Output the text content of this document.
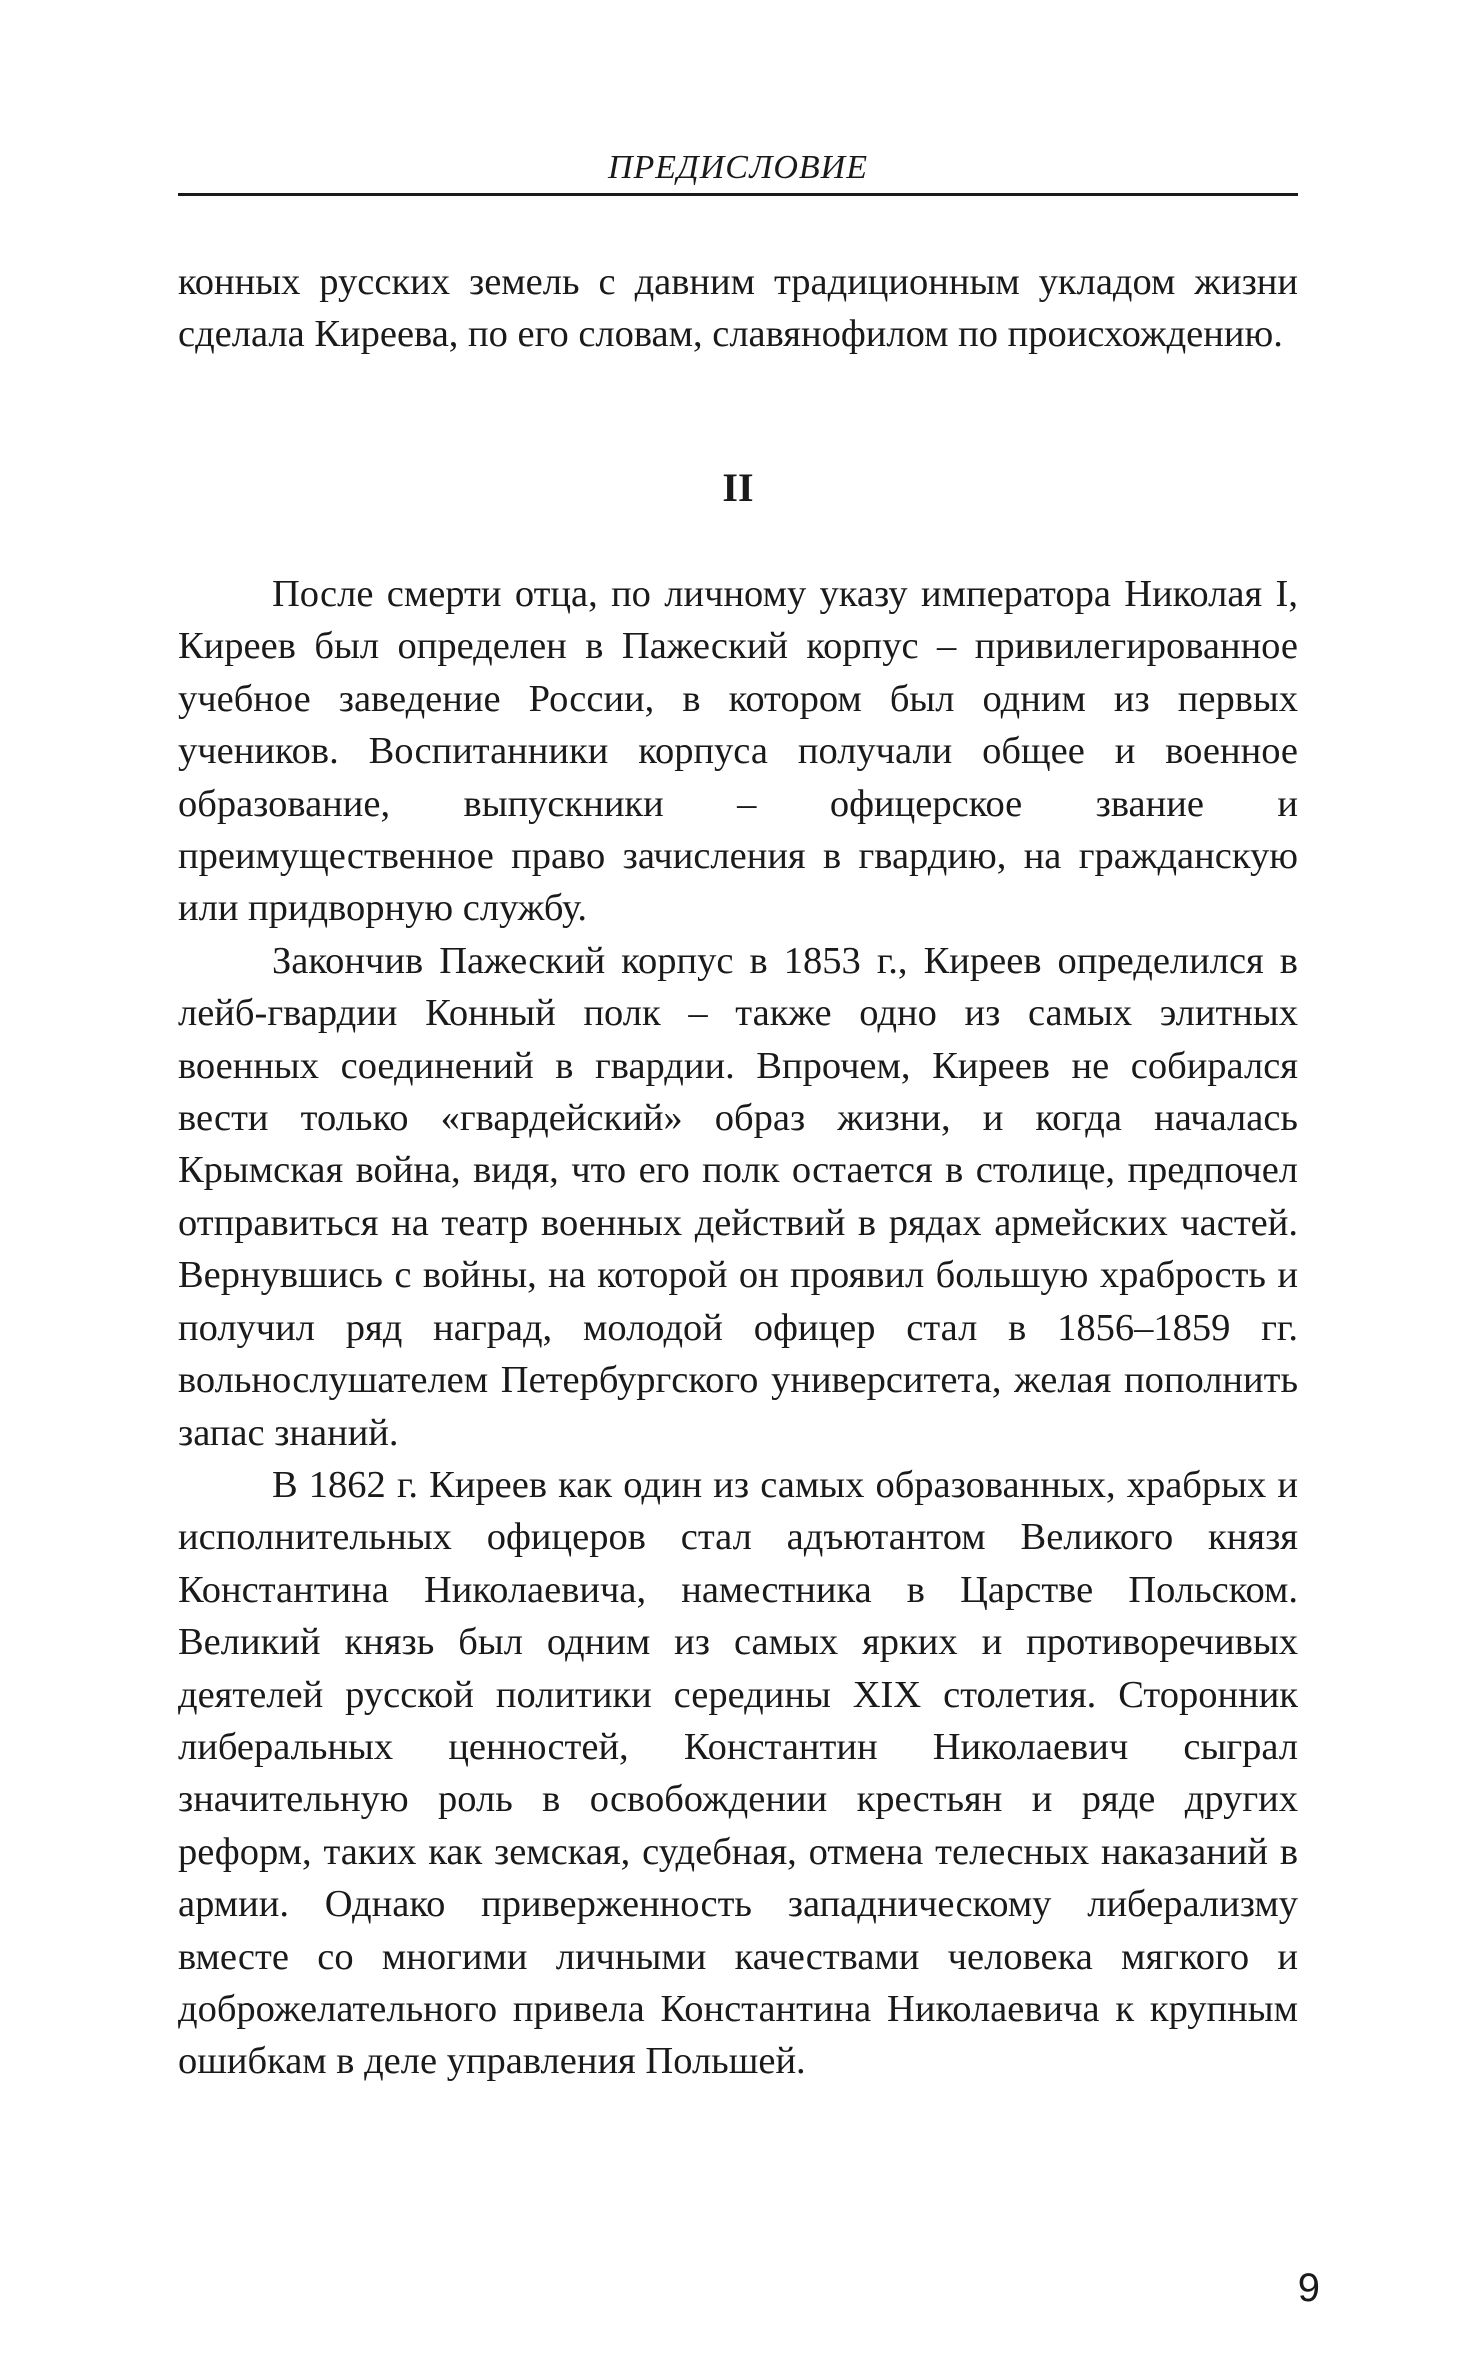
ПРЕДИСЛОВИЕ

конных русских земель с давним традиционным укладом жизни сделала Киреева, по его словам, славянофилом по происхождению.

II

После смерти отца, по личному указу императора Николая I, Киреев был определен в Пажеский корпус – привилегированное учебное заведение России, в котором был одним из первых учеников. Воспитанники корпуса получали общее и военное образование, выпускники – офицерское звание и преимущественное право зачисления в гвардию, на гражданскую или придворную службу.

Закончив Пажеский корпус в 1853 г., Киреев определился в лейб-гвардии Конный полк – также одно из самых элитных военных соединений в гвардии. Впрочем, Киреев не собирался вести только «гвардейский» образ жизни, и когда началась Крымская война, видя, что его полк остается в столице, предпочел отправиться на театр военных действий в рядах армейских частей. Вернувшись с войны, на которой он проявил большую храбрость и получил ряд наград, молодой офицер стал в 1856–1859 гг. вольнослушателем Петербургского университета, желая пополнить запас знаний.

В 1862 г. Киреев как один из самых образованных, храбрых и исполнительных офицеров стал адъютантом Великого князя Константина Николаевича, наместника в Царстве Польском. Великий князь был одним из самых ярких и противоречивых деятелей русской политики середины XIX столетия. Сторонник либеральных ценностей, Константин Николаевич сыграл значительную роль в освобождении крестьян и ряде других реформ, таких как земская, судебная, отмена телесных наказаний в армии. Однако приверженность западническому либерализму вместе со многими личными качествами человека мягкого и доброжелательного привела Константина Николаевича к крупным ошибкам в деле управления Польшей.

9
